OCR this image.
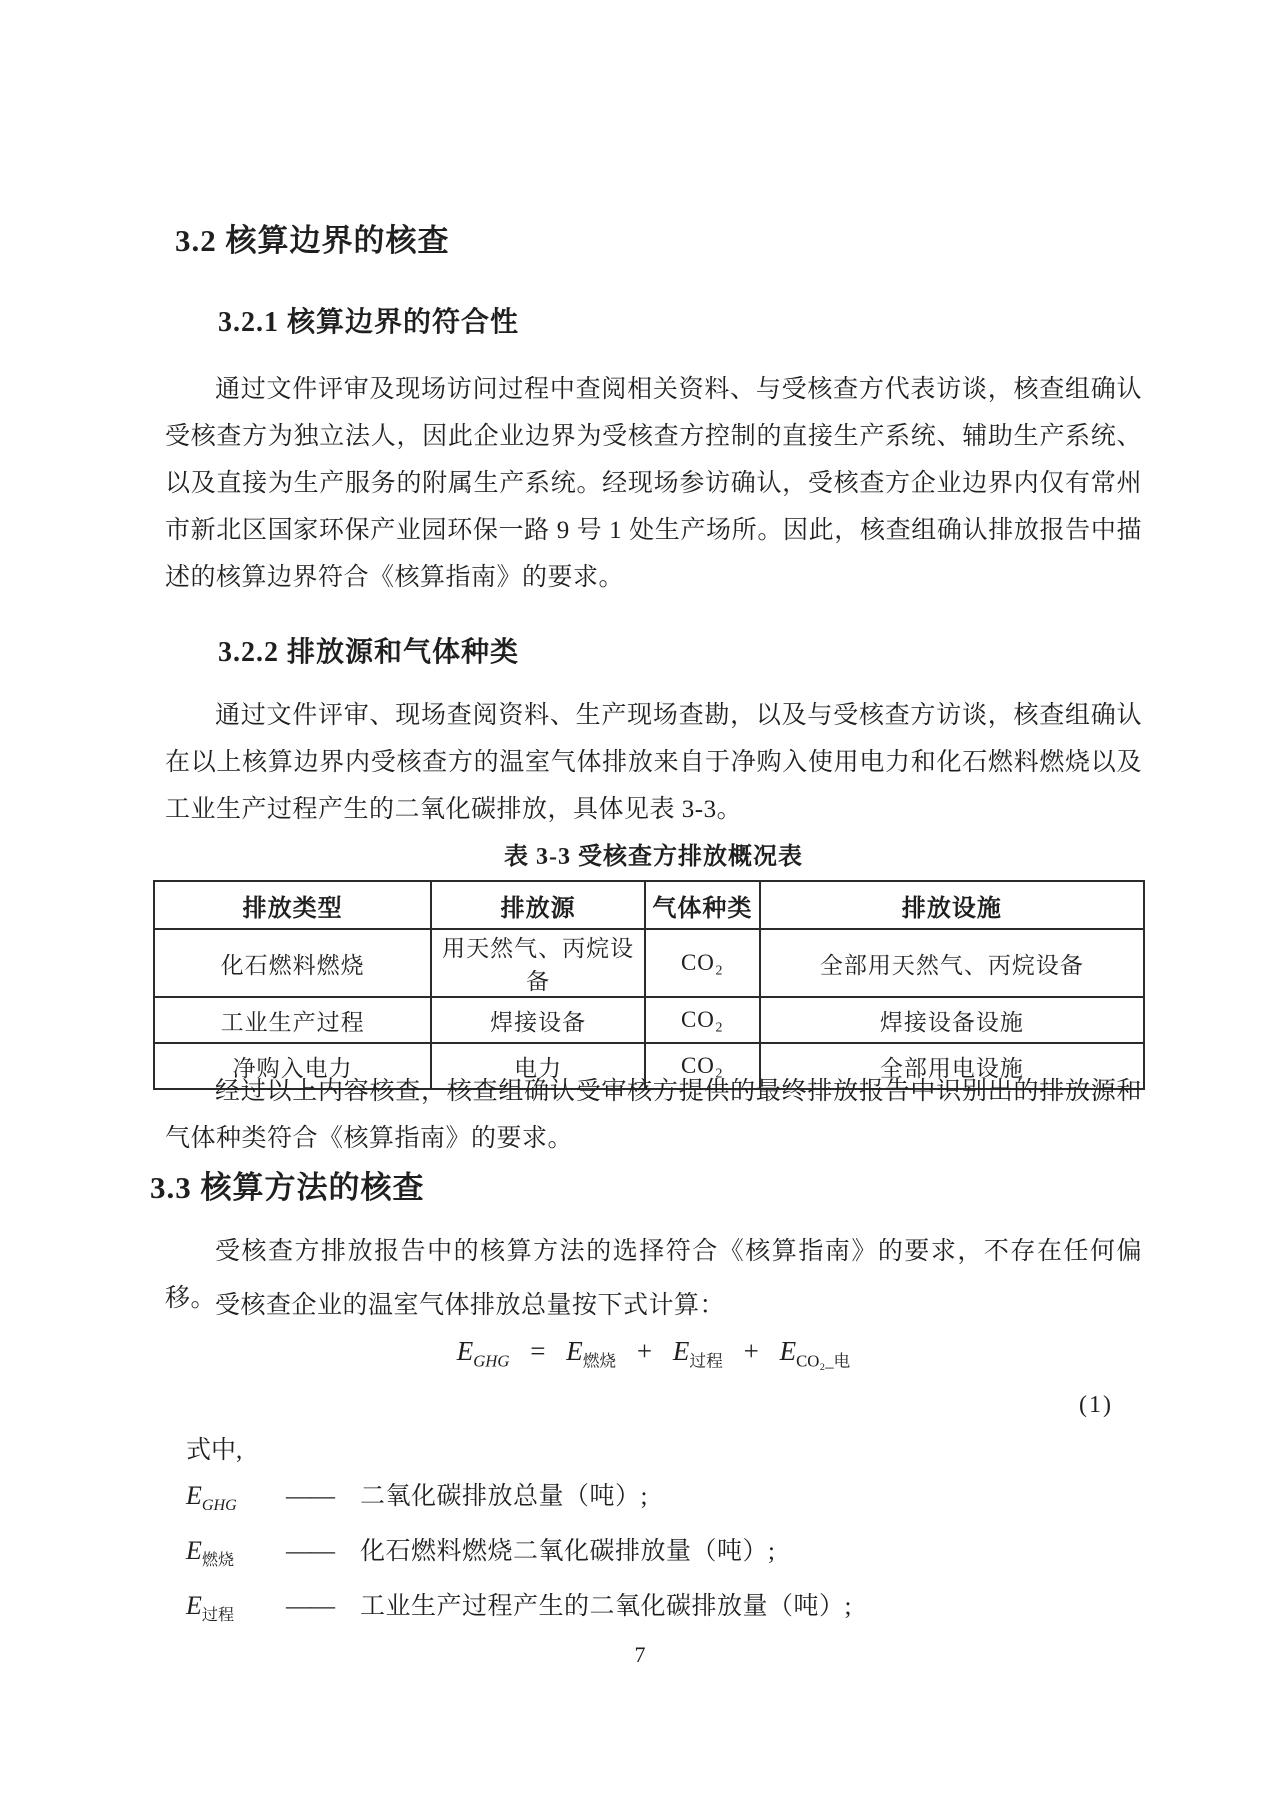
3.2 核算边界的核查
3.2.1 核算边界的符合性
通过文件评审及现场访问过程中查阅相关资料、与受核查方代表访谈，核查组确认受核查方为独立法人，因此企业边界为受核查方控制的直接生产系统、辅助生产系统、以及直接为生产服务的附属生产系统。经现场参访确认，受核查方企业边界内仅有常州市新北区国家环保产业园环保一路 9 号 1 处生产场所。因此，核查组确认排放报告中描述的核算边界符合《核算指南》的要求。
3.2.2 排放源和气体种类
通过文件评审、现场查阅资料、生产现场查勘，以及与受核查方访谈，核查组确认在以上核算边界内受核查方的温室气体排放来自于净购入使用电力和化石燃料燃烧以及工业生产过程产生的二氧化碳排放，具体见表 3-3。
表 3-3 受核查方排放概况表
排放类型	排放源	气体种类	排放设施
化石燃料燃烧	用天然气、丙烷设备	CO₂	全部用天然气、丙烷设备
工业生产过程	焊接设备	CO₂	焊接设备设施
净购入电力	电力	CO₂	全部用电设施
经过以上内容核查，核查组确认受审核方提供的最终排放报告中识别出的排放源和气体种类符合《核算指南》的要求。
3.3 核算方法的核查
受核查方排放报告中的核算方法的选择符合《核算指南》的要求，不存在任何偏移。
受核查企业的温室气体排放总量按下式计算：
$E_{GHG} = E_{燃烧} + E_{过程} + E_{CO_2\_电}$
(1)
式中,
$E_{GHG}$	—— 二氧化碳排放总量（吨）;
$E_{燃烧}$	—— 化石燃料燃烧二氧化碳排放量（吨）;
$E_{过程}$	—— 工业生产过程产生的二氧化碳排放量（吨）;
7
